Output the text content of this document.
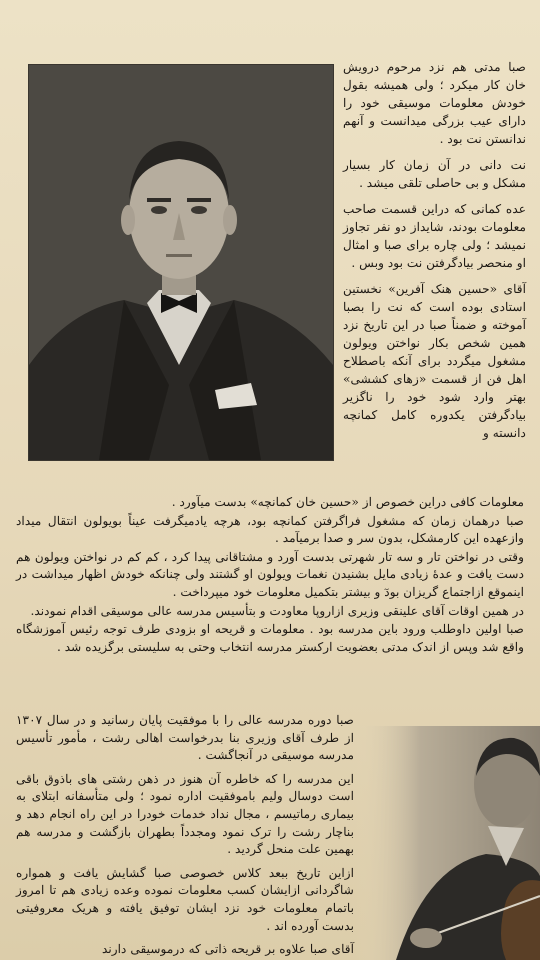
صبا مدتی هم نزد مرحوم درویش خان کار میکرد ؛ ولی همیشه بقول خودش معلومات موسیقی خود را دارای عیب بزرگی میدانست و آنهم ندانستن نت بود .

نت دانی در آن زمان کار بسیار مشکل و بی حاصلی تلقی میشد .

عده کمانی که دراین قسمت صاحب معلومات بودند، شایداز دو نفر تجاوز نمیشد ؛ ولی چاره برای صبا و امثال او منحصر بیادگرفتن نت بود وبس .

آقای «حسین هنک آفرین» نخستین استادی بوده است که نت را بصبا آموخته و ضمناً صبا در این تاریخ نزد همین شخص بکار نواختن ویولون مشغول میگردد برای آنکه باصطلاح اهل فن از قسمت «زهای کششی» بهتر وارد شود خود را ناگزیر بیادگرفتن یکدوره کامل کمانچه دانسته و

معلومات کافی دراین خصوص از «حسین خان کمانچه» بدست میآورد .

صبا درهمان زمان که مشغول فراگرفتن کمانچه بود، هرچه یادمیگرفت عیناً بویولون انتقال میداد وازعهده این کارمشکل، بدون سر و صدا برمیآمد .

وقتی در نواختن تار و سه تار شهرتی بدست آورد و مشتاقانی پیدا کرد ، کم کم در نواختن ویولون هم دست یافت و عدهٔ زیادی مایل بشنیدن نغمات ویولون او گشتند ولی چنانکه خودش اظهار میداشت در اینموقع ازاجتماع گریزان بودٓ و بیشتر بتکمیل معلومات خود میپرداخت .

در همین اوقات آقای علینقی وزیری ازاروپا معاودت و بتأسیس مدرسه عالی موسیقی اقدام نمودند.

صبا اولین داوطلب ورود باین مدرسه بود . معلومات و قریحه او بزودی طرف توجه رئیس آموزشگاه واقع شد وپس از اندک مدتی بعضویت ارکستر مدرسه انتخاب وحتی به سلیستی برگزیده شد .

صبا دوره مدرسه عالی را با موفقیت پایان رسانید و در سال ۱۳۰۷ از طرف آقای وزیری بنا بدرخواست اهالی رشت ، مأمور تأسیس مدرسه موسیقی در آنجاگشت .

این مدرسه را که خاطره آن هنوز در ذهن رشتی های باذوق باقی است دوسال ولیم باموفقیت اداره نمود ؛ ولی متأسفانه ابتلای به بیماری رماتیسم ، مجال نداد خدمات خودرا در این راه انجام دهد و بناچار رشت را ترک نمود ومجدداً بطهران بازگشت و مدرسه هم بهمین علت منحل گردید .

ازاین تاریخ ببعد کلاس خصوصی صبا گشایش یافت و همواره شاگردانی ازایشان کسب معلومات نموده وعده زیادی هم تا امروز باتمام معلومات خود نزد ایشان توفیق یافته و هریک معروفیتی بدست آورده اند .

آقای صبا علاوه بر قریحه ذاتی که درموسیقی دارند
